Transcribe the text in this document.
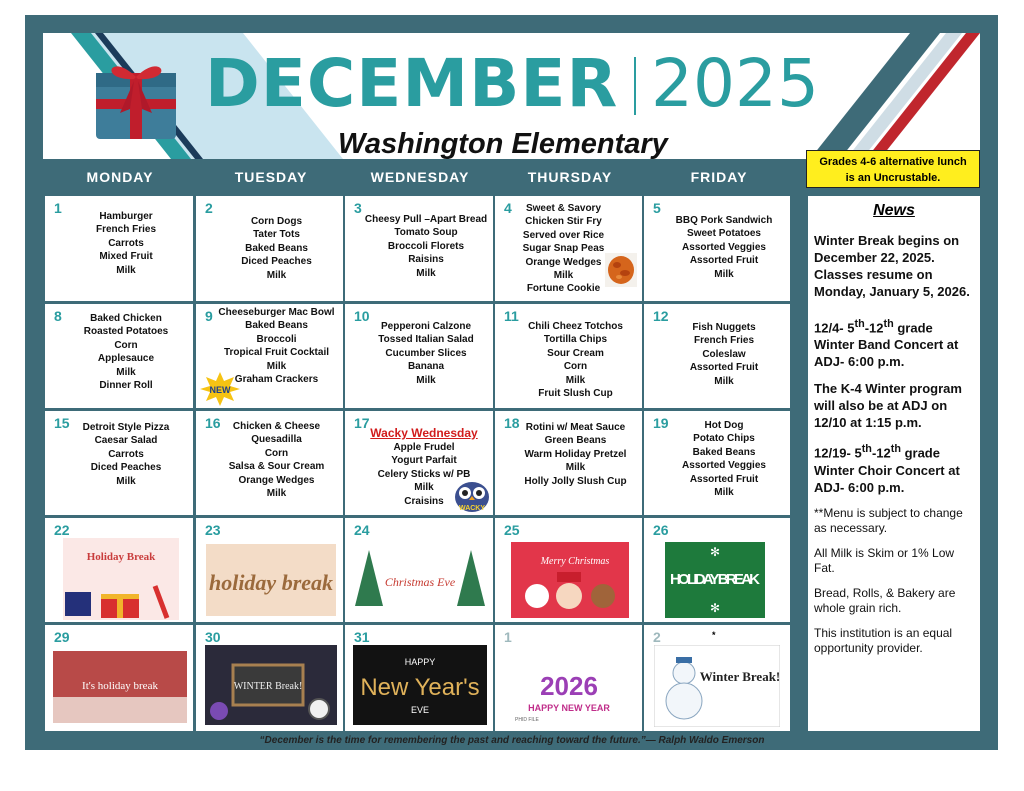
DECEMBER 2025
Washington Elementary
Grades 4-6 alternative lunch
is an Uncrustable.
MONDAY	TUESDAY	WEDNESDAY	THURSDAY	FRIDAY
1
Hamburger
French Fries
Carrots
Mixed Fruit
Milk
2
Corn Dogs
Tater Tots
Baked Beans
Diced Peaches
Milk
3
Cheesy Pull –Apart Bread
Tomato Soup
Broccoli Florets
Raisins
Milk
4	Sweet & Savory
Chicken Stir Fry
Served over Rice
Sugar Snap Peas
Orange Wedges
Milk
Fortune Cookie
5
BBQ Pork Sandwich
Sweet Potatoes
Assorted Veggies
Assorted Fruit
Milk
8	Baked Chicken
Roasted Potatoes
Corn
Applesauce
Milk
Dinner Roll
9 Cheeseburger Mac Bowl
Baked Beans
Broccoli
Tropical Fruit Cocktail
Milk
Graham Crackers
NEW
10
Pepperoni Calzone
Tossed Italian Salad
Cucumber Slices
Banana
Milk
11
Chili Cheez Totchos
Tortilla Chips
Sour Cream
Corn
Milk
Fruit Slush Cup
12
Fish Nuggets
French Fries
Coleslaw
Assorted Fruit
Milk
15	Detroit Style Pizza
Caesar Salad
Carrots
Diced Peaches
Milk
16	Chicken & Cheese
Quesadilla
Corn
Salsa & Sour Cream
Orange Wedges
Milk
17
Wacky Wednesday
Apple Frudel
Yogurt Parfait
Celery Sticks w/ PB
Milk
Craisins
WACKY
18 Rotini w/ Meat Sauce
Green Beans
Warm Holiday Pretzel
Milk
Holly Jolly Slush Cup
19	Hot Dog
Potato Chips
Baked Beans
Assorted Veggies
Assorted Fruit
Milk
22
Holiday Break
23
holiday break
24
Christmas Eve
25
Merry Christmas
26
✻
✻
HOLIDAY BREAK
29
It's holiday break
30
WINTER Break!
31
HAPPY
New Year's
EVE
1
2026
HAPPY NEW YEAR
PHID FILE
2	*
Winter Break!
News

Winter Break begins on December 22, 2025. Classes resume on Monday, January 5, 2026.

12/4- 5th-12th grade Winter Band Concert at ADJ- 6:00 p.m.

The K-4 Winter program will also be at ADJ on 12/10 at 1:15 p.m.

12/19- 5th-12th grade Winter Choir Concert at ADJ- 6:00 p.m.

**Menu is subject to change as necessary.

All Milk is Skim or 1% Low Fat.

Bread, Rolls, & Bakery are whole grain rich.

This institution is an equal opportunity provider.

“December is the time for remembering the past and reaching toward the future.”— Ralph Waldo Emerson
